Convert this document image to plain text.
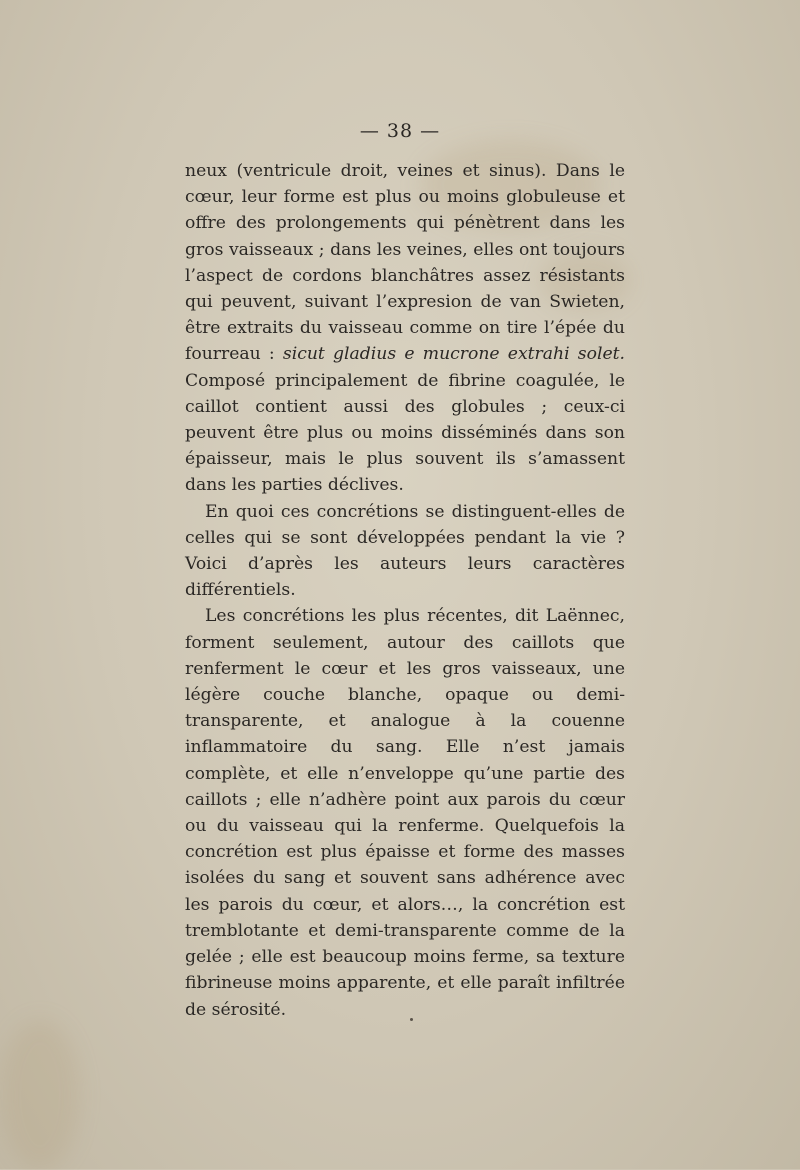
— 38 —

neux (ventricule droit, veines et sinus). Dans le cœur, leur forme est plus ou moins globuleuse et offre des prolongements qui pénètrent dans les gros vaisseaux ; dans les veines, elles ont toujours l’aspect de cordons blanchâtres assez résistants qui peuvent, suivant l’expresion de van Swieten, être extraits du vaisseau comme on tire l’épée du fourreau : sicut gladius e mucrone extrahi solet. Composé principalement de fibrine coagulée, le caillot contient aussi des globules ; ceux-ci peuvent être plus ou moins disséminés dans son épaisseur, mais le plus souvent ils s’amassent dans les parties déclives.

En quoi ces concrétions se distinguent-elles de celles qui se sont développées pendant la vie ? Voici d’après les auteurs leurs caractères différentiels.

Les concrétions les plus récentes, dit Laënnec, forment seulement, autour des caillots que renferment le cœur et les gros vaisseaux, une légère couche blanche, opaque ou demi-transparente, et analogue à la couenne inflammatoire du sang. Elle n’est jamais complète, et elle n’enveloppe qu’une partie des caillots ; elle n’adhère point aux parois du cœur ou du vaisseau qui la renferme. Quelquefois la concrétion est plus épaisse et forme des masses isolées du sang et souvent sans adhérence avec les parois du cœur, et alors…, la concrétion est tremblotante et demi-transparente comme de la gelée ; elle est beaucoup moins ferme, sa texture fibrineuse moins apparente, et elle paraît infiltrée de sérosité.
